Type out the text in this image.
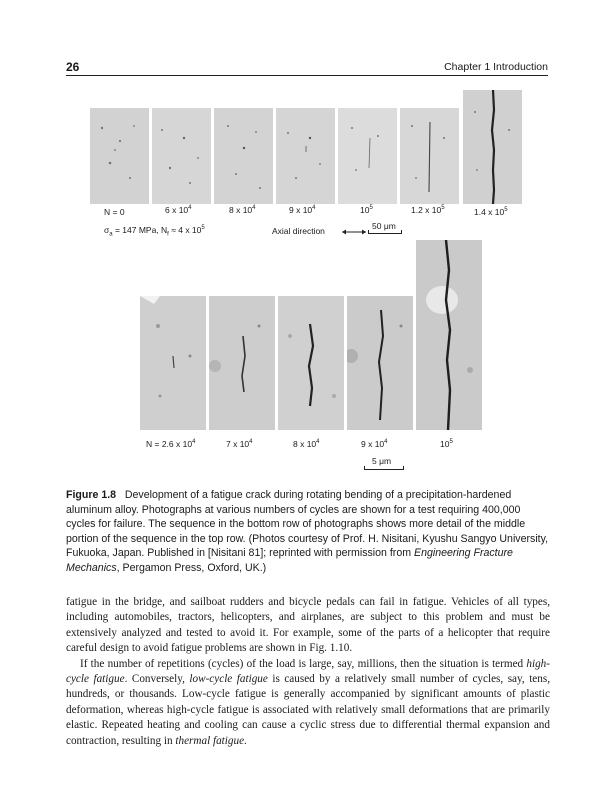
26	Chapter 1 Introduction
N = 0	6 x $10^4$	8 x $10^4$	9 x $10^4$	$10^5$	1.2 x $10^5$	1.4 x $10^5$
$\sigma_a = 147$ MPa, $N_f \approx 4$ x $10^5$	Axial direction	50 μm
N = 2.6 x $10^4$	7 x $10^4$	8 x $10^4$	9 x $10^4$	$10^5$
5 μm
Figure 1.8 Development of a fatigue crack during rotating bending of a precipitation-hardened aluminum alloy. Photographs at various numbers of cycles are shown for a test requiring 400,000 cycles for failure. The sequence in the bottom row of photographs shows more detail of the middle portion of the sequence in the top row. (Photos courtesy of Prof. H. Nisitani, Kyushu Sangyo University, Fukuoka, Japan. Published in [Nisitani 81]; reprinted with permission from Engineering Fracture Mechanics, Pergamon Press, Oxford, UK.)

fatigue in the bridge, and sailboat rudders and bicycle pedals can fail in fatigue. Vehicles of all types, including automobiles, tractors, helicopters, and airplanes, are subject to this problem and must be extensively analyzed and tested to avoid it. For example, some of the parts of a helicopter that require careful design to avoid fatigue problems are shown in Fig. 1.10.

If the number of repetitions (cycles) of the load is large, say, millions, then the situation is termed high-cycle fatigue. Conversely, low-cycle fatigue is caused by a relatively small number of cycles, say, tens, hundreds, or thousands. Low-cycle fatigue is generally accompanied by significant amounts of plastic deformation, whereas high-cycle fatigue is associated with relatively small deformations that are primarily elastic. Repeated heating and cooling can cause a cyclic stress due to differential thermal expansion and contraction, resulting in thermal fatigue.
